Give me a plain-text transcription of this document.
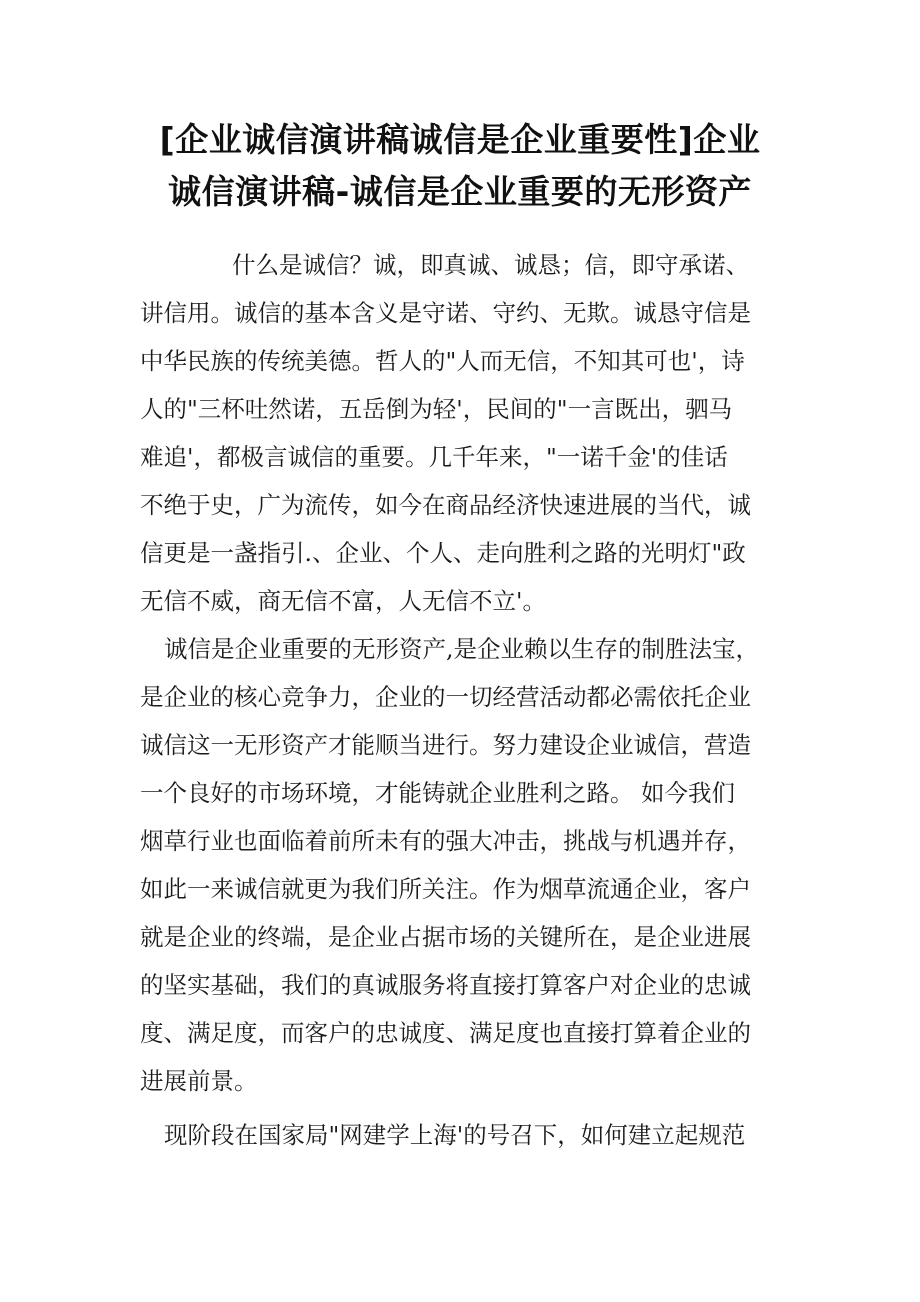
[企业诚信演讲稿诚信是企业重要性]企业
诚信演讲稿-诚信是企业重要的无形资产
什么是诚信？诚，即真诚、诚恳；信，即守承诺、
讲信用。诚信的基本含义是守诺、守约、无欺。诚恳守信是
中华民族的传统美德。哲人的"人而无信，不知其可也'，诗
人的"三杯吐然诺，五岳倒为轻'，民间的"一言既出，驷马
难追'，都极言诚信的重要。几千年来，"一诺千金'的佳话
不绝于史，广为流传，如今在商品经济快速进展的当代，诚
信更是一盏指引.、企业、个人、走向胜利之路的光明灯"政
无信不威，商无信不富，人无信不立'。
诚信是企业重要的无形资产,是企业赖以生存的制胜法宝，
是企业的核心竞争力，企业的一切经营活动都必需依托企业
诚信这一无形资产才能顺当进行。努力建设企业诚信，营造
一个良好的市场环境，才能铸就企业胜利之路。 如今我们
烟草行业也面临着前所未有的强大冲击，挑战与机遇并存，
如此一来诚信就更为我们所关注。作为烟草流通企业，客户
就是企业的终端，是企业占据市场的关键所在，是企业进展
的坚实基础，我们的真诚服务将直接打算客户对企业的忠诚
度、满足度，而客户的忠诚度、满足度也直接打算着企业的
进展前景。
现阶段在国家局"网建学上海'的号召下，如何建立起规范
